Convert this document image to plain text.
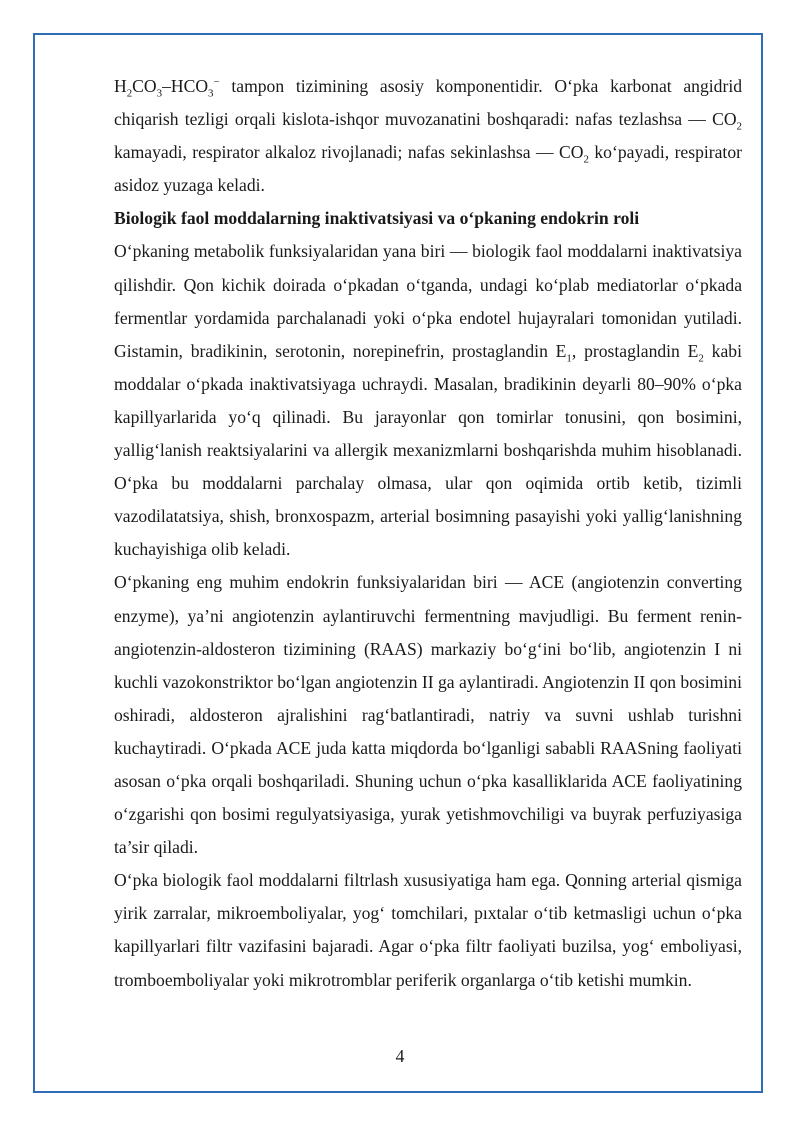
$H_2CO_3-HCO_3^-$ tampon tizimining asosiy komponentidir. O‘pka karbonat angidrid chiqarish tezligi orqali kislota-ishqor muvozanatini boshqaradi: nafas tezlashsa — $CO_2$ kamayadi, respirator alkaloz rivojlanadi; nafas sekinlashsa — $CO_2$ ko‘payadi, respirator asidoz yuzaga keladi.

Biologik faol moddalarning inaktivatsiyasi va o‘pkaning endokrin roli

O‘pkaning metabolik funksiyalaridan yana biri — biologik faol moddalarni inaktivatsiya qilishdir. Qon kichik doirada o‘pkadan o‘tganda, undagi ko‘plab mediatorlar o‘pkada fermentlar yordamida parchalanadi yoki o‘pka endotel hujayralari tomonidan yutiladi. Gistamin, bradikinin, serotonin, norepinefrin, prostaglandin $E_1$, prostaglandin $E_2$ kabi moddalar o‘pkada inaktivatsiyaga uchraydi. Masalan, bradikinin deyarli 80–90% o‘pka kapillyarlarida yo‘q qilinadi. Bu jarayonlar qon tomirlar tonusini, qon bosimini, yallig‘lanish reaktsiyalarini va allergik mexanizmlarni boshqarishda muhim hisoblanadi. O‘pka bu moddalarni parchalay olmasa, ular qon oqimida ortib ketib, tizimli vazodilatatsiya, shish, bronxospazm, arterial bosimning pasayishi yoki yallig‘lanishning kuchayishiga olib keladi.

O‘pkaning eng muhim endokrin funksiyalaridan biri — ACE (angiotenzin converting enzyme), ya’ni angiotenzin aylantiruvchi fermentning mavjudligi. Bu ferment renin-angiotenzin-aldosteron tizimining (RAAS) markaziy bo‘g‘ini bo‘lib, angiotenzin I ni kuchli vazokonstriktor bo‘lgan angiotenzin II ga aylantiradi. Angiotenzin II qon bosimini oshiradi, aldosteron ajralishini rag‘batlantiradi, natriy va suvni ushlab turishni kuchaytiradi. O‘pkada ACE juda katta miqdorda bo‘lganligi sababli RAASning faoliyati asosan o‘pka orqali boshqariladi. Shuning uchun o‘pka kasalliklarida ACE faoliyatining o‘zgarishi qon bosimi regulyatsiyasiga, yurak yetishmovchiligi va buyrak perfuziyasiga ta’sir qiladi.

O‘pka biologik faol moddalarni filtrlash xususiyatiga ham ega. Qonning arterial qismiga yirik zarralar, mikroemboliyalar, yog‘ tomchilari, pıxtalar o‘tib ketmasligi uchun o‘pka kapillyarlari filtr vazifasini bajaradi. Agar o‘pka filtr faoliyati buzilsa, yog‘ emboliyasi, tromboemboliyalar yoki mikrotromblar periferik organlarga o‘tib ketishi mumkin.

4
